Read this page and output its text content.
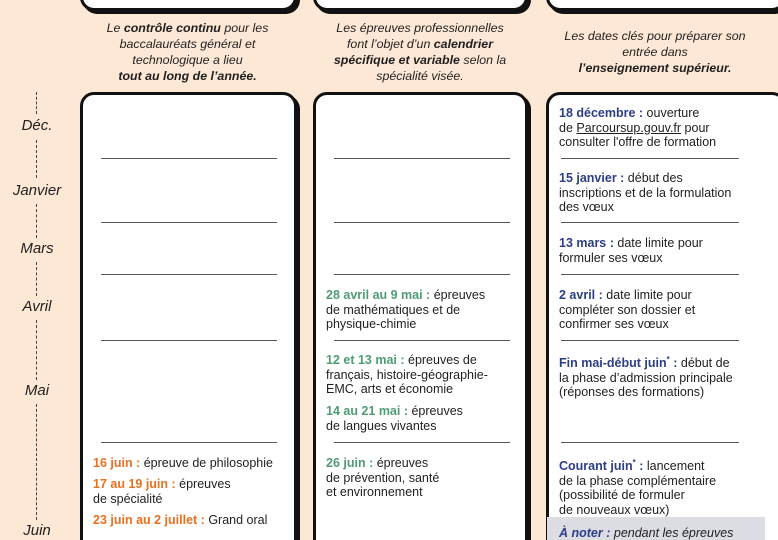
Le contrôle continu pour les baccalauréats général et technologique a lieu
tout au long de l’année.
Les épreuves professionnelles font l’objet d’un calendrier spécifique et variable selon la spécialité visée.
Les dates clés pour préparer son entrée dans
l’enseignement supérieur.
Déc.
Janvier
Mars
Avril
Mai
Juin
16 juin : épreuve de philosophie
17 au 19 juin : épreuves
de spécialité
23 juin au 2 juillet : Grand oral
28 avril au 9 mai : épreuves
de mathématiques et de
physique-chimie
12 et 13 mai : épreuves de
français, histoire-géographie-
EMC, arts et économie
14 au 21 mai : épreuves
de langues vivantes
26 juin : épreuves
de prévention, santé
et environnement
18 décembre : ouverture
de Parcoursup.gouv.fr pour
consulter l'offre de formation
15 janvier : début des
inscriptions et de la formulation
des vœux
13 mars : date limite pour
formuler ses vœux
2 avril : date limite pour
compléter son dossier et
confirmer ses vœux
Fin mai-début juin* : début de
la phase d’admission principale
(réponses des formations)
Courant juin* : lancement
de la phase complémentaire
(possibilité de formuler
de nouveaux vœux)
À noter : pendant les épreuves
